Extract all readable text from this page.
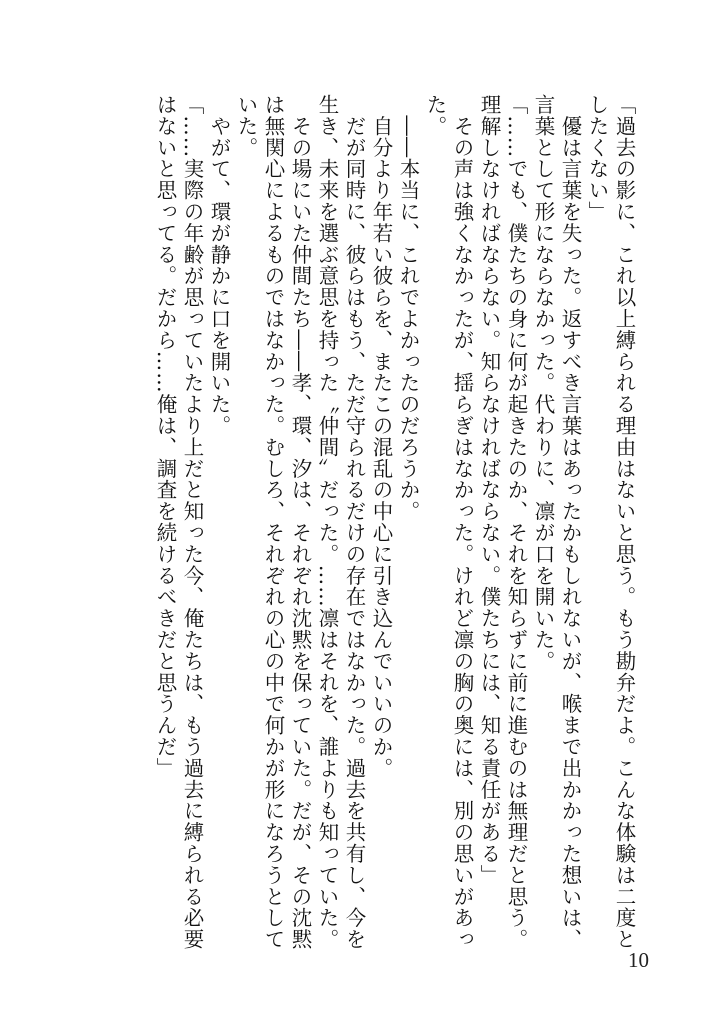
「過去の影に、これ以上縛られる理由はないと思う。もう勘弁だよ。こんな体験は二度と
したくない」
　優は言葉を失った。返すべき言葉はあったかもしれないが、喉まで出かかった想いは、
言葉として形にならなかった。代わりに、凛が口を開いた。
「……でも、僕たちの身に何が起きたのか、それを知らずに前に進むのは無理だと思う。
理解しなければならない。知らなければならない。僕たちには、知る責任がある」
　その声は強くなかったが、揺らぎはなかった。けれど凛の胸の奥には、別の思いがあっ
た。
　――本当に、これでよかったのだろうか。
　自分より年若い彼らを、またこの混乱の中心に引き込んでいいのか。
　だが同時に、彼らはもう、ただ守られるだけの存在ではなかった。過去を共有し、今を
生き、未来を選ぶ意思を持った〝仲間〟だった。……凛はそれを、誰よりも知っていた。
　その場にいた仲間たち――孝、環、汐は、それぞれ沈黙を保っていた。だが、その沈黙
は無関心によるものではなかった。むしろ、それぞれの心の中で何かが形になろうとして
いた。
　やがて、環が静かに口を開いた。
「……実際の年齢が思っていたより上だと知った今、俺たちは、もう過去に縛られる必要
はないと思ってる。だから……俺は、調査を続けるべきだと思うんだ」
10
